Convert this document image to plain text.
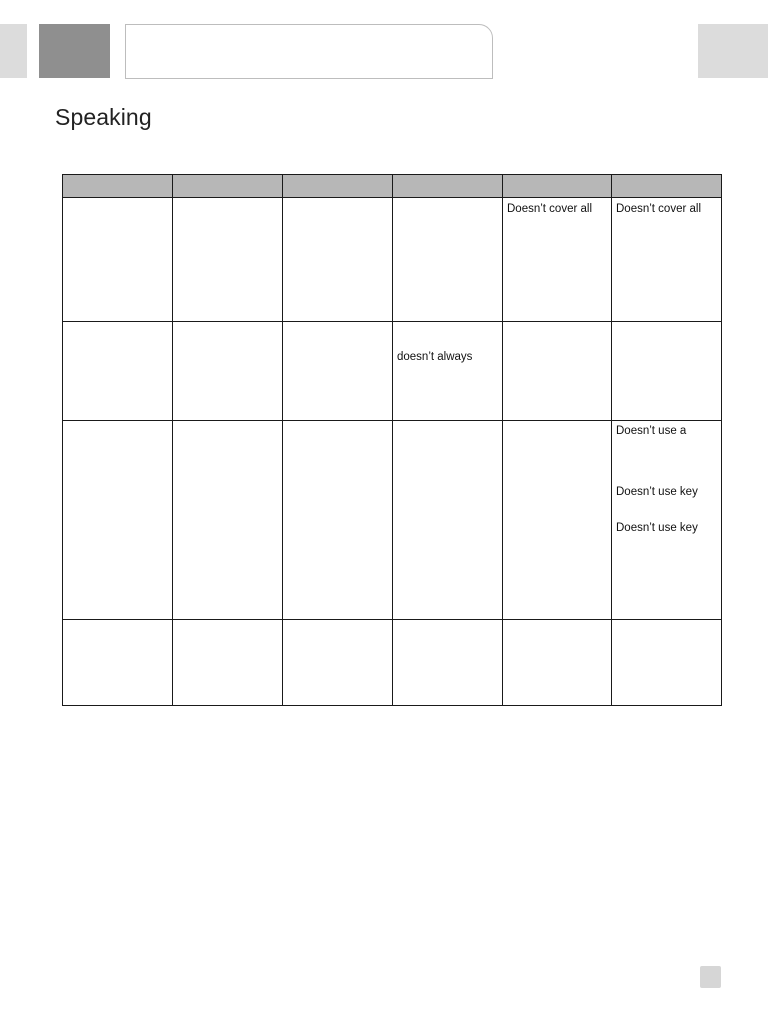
Speaking

				Doesn’t cover all	Doesn’t cover all

			doesn’t always		

					Doesn’t use a
Doesn’t use key
Doesn’t use key
